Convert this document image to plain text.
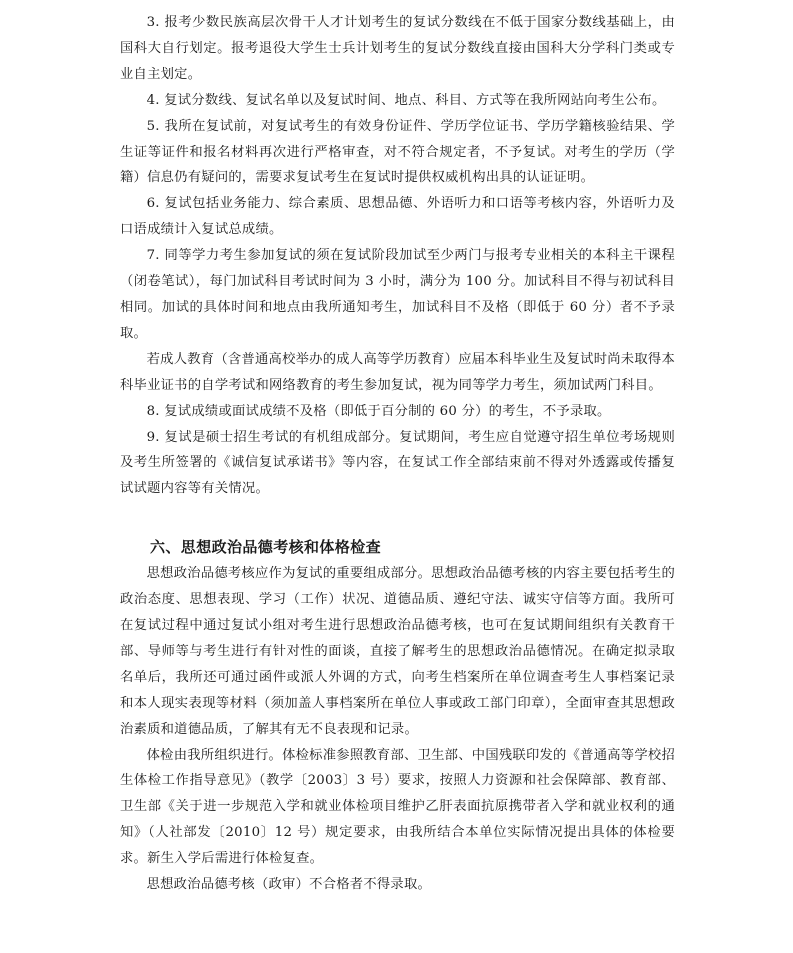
3. 报考少数民族高层次骨干人才计划考生的复试分数线在不低于国家分数线基础上，由国科大自行划定。报考退役大学生士兵计划考生的复试分数线直接由国科大分学科门类或专业自主划定。

4. 复试分数线、复试名单以及复试时间、地点、科目、方式等在我所网站向考生公布。

5. 我所在复试前，对复试考生的有效身份证件、学历学位证书、学历学籍核验结果、学生证等证件和报名材料再次进行严格审查，对不符合规定者，不予复试。对考生的学历（学籍）信息仍有疑问的，需要求复试考生在复试时提供权威机构出具的认证证明。

6. 复试包括业务能力、综合素质、思想品德、外语听力和口语等考核内容，外语听力及口语成绩计入复试总成绩。

7. 同等学力考生参加复试的须在复试阶段加试至少两门与报考专业相关的本科主干课程（闭卷笔试），每门加试科目考试时间为 3 小时，满分为 100 分。加试科目不得与初试科目相同。加试的具体时间和地点由我所通知考生，加试科目不及格（即低于 60 分）者不予录取。

若成人教育（含普通高校举办的成人高等学历教育）应届本科毕业生及复试时尚未取得本科毕业证书的自学考试和网络教育的考生参加复试，视为同等学力考生，须加试两门科目。

8. 复试成绩或面试成绩不及格（即低于百分制的 60 分）的考生，不予录取。

9. 复试是硕士招生考试的有机组成部分。复试期间，考生应自觉遵守招生单位考场规则及考生所签署的《诚信复试承诺书》等内容，在复试工作全部结束前不得对外透露或传播复试试题内容等有关情况。

六、思想政治品德考核和体格检查

思想政治品德考核应作为复试的重要组成部分。思想政治品德考核的内容主要包括考生的政治态度、思想表现、学习（工作）状况、道德品质、遵纪守法、诚实守信等方面。我所可在复试过程中通过复试小组对考生进行思想政治品德考核，也可在复试期间组织有关教育干部、导师等与考生进行有针对性的面谈，直接了解考生的思想政治品德情况。在确定拟录取名单后，我所还可通过函件或派人外调的方式，向考生档案所在单位调查考生人事档案记录和本人现实表现等材料（须加盖人事档案所在单位人事或政工部门印章），全面审查其思想政治素质和道德品质，了解其有无不良表现和记录。

体检由我所组织进行。体检标准参照教育部、卫生部、中国残联印发的《普通高等学校招生体检工作指导意见》（教学〔2003〕3 号）要求，按照人力资源和社会保障部、教育部、卫生部《关于进一步规范入学和就业体检项目维护乙肝表面抗原携带者入学和就业权利的通知》（人社部发〔2010〕12 号）规定要求，由我所结合本单位实际情况提出具体的体检要求。新生入学后需进行体检复查。

思想政治品德考核（政审）不合格者不得录取。
